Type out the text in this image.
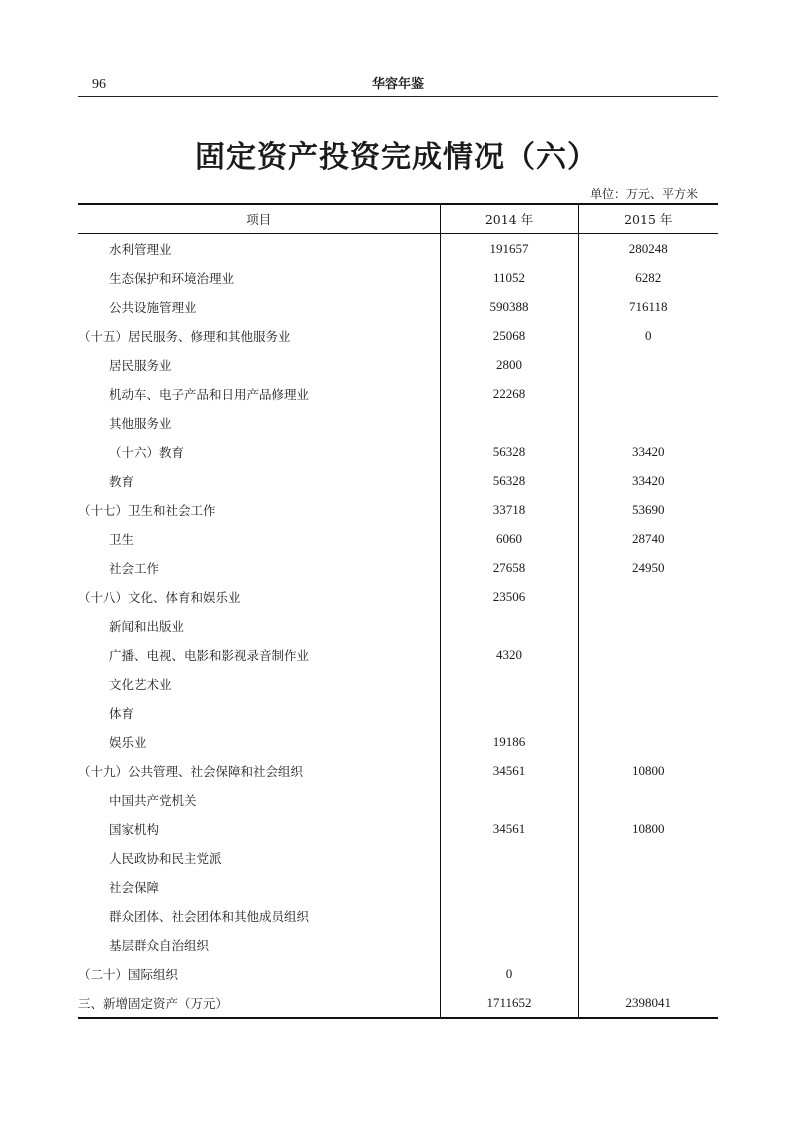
96	华容年鉴
固定资产投资完成情况（六）
单位：万元、平方米
项目	2014 年	2015 年
水利管理业	191657	280248
生态保护和环境治理业	11052	6282
公共设施管理业	590388	716118
（十五）居民服务、修理和其他服务业	25068	0
居民服务业	2800	
机动车、电子产品和日用产品修理业	22268	
其他服务业		
（十六）教育	56328	33420
教育	56328	33420
（十七）卫生和社会工作	33718	53690
卫生	6060	28740
社会工作	27658	24950
（十八）文化、体育和娱乐业	23506	
新闻和出版业		
广播、电视、电影和影视录音制作业	4320	
文化艺术业		
体育		
娱乐业	19186	
（十九）公共管理、社会保障和社会组织	34561	10800
中国共产党机关		
国家机构	34561	10800
人民政协和民主党派		
社会保障		
群众团体、社会团体和其他成员组织		
基层群众自治组织		
（二十）国际组织	0	
三、新增固定资产（万元）	1711652	2398041
